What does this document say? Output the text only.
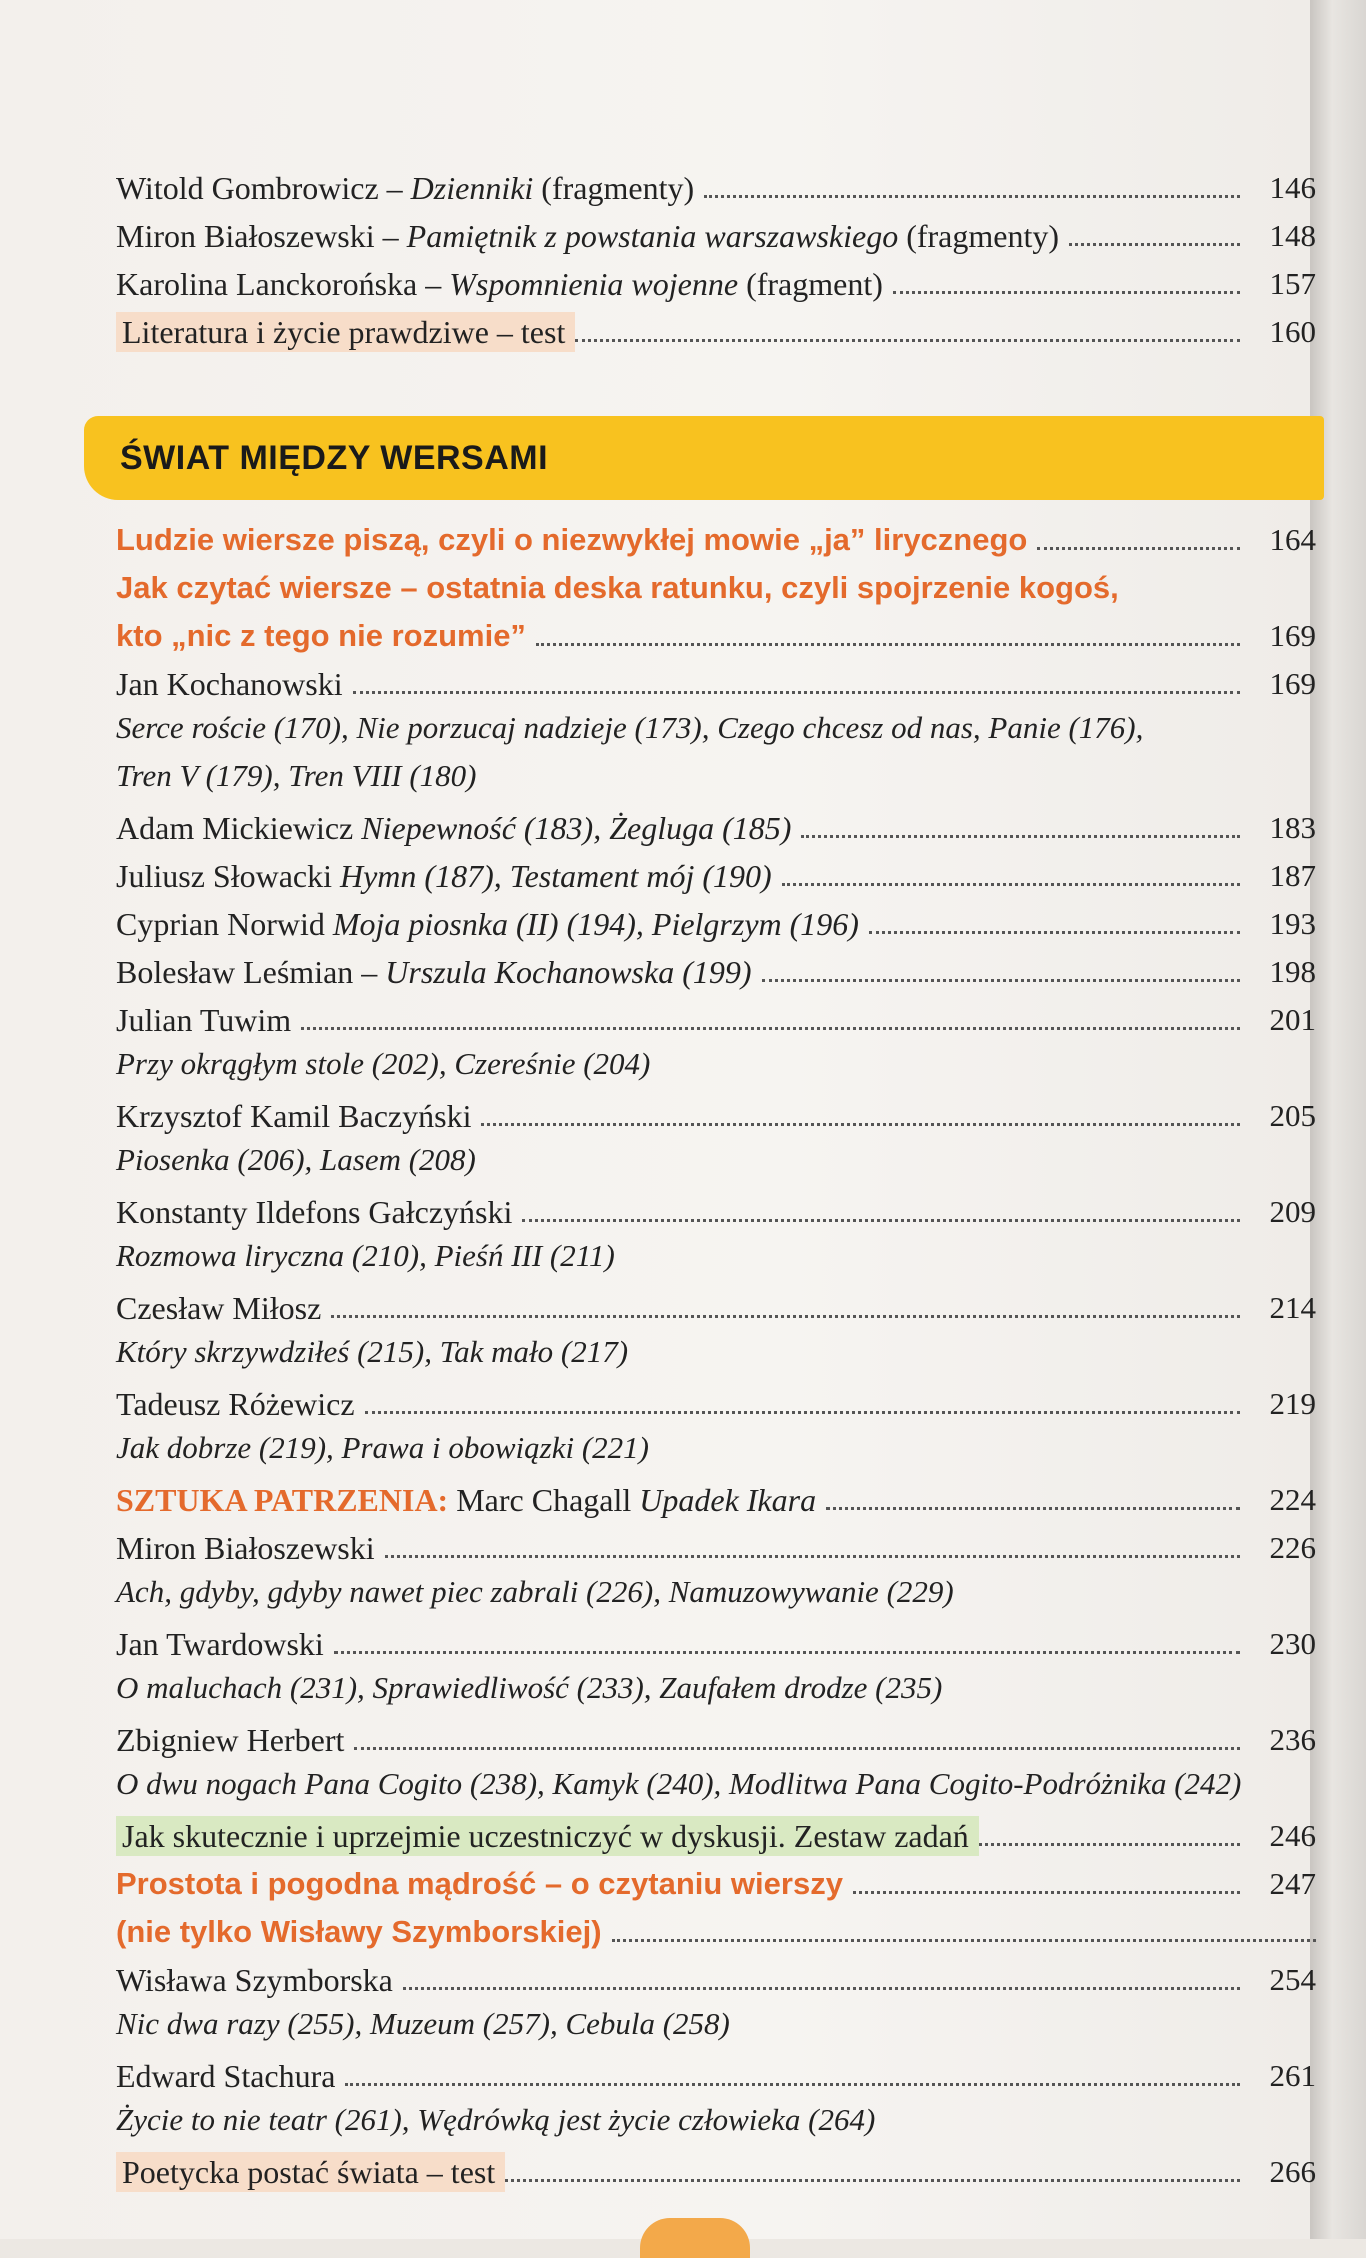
Witold Gombrowicz – Dzienniki (fragmenty)	146
Miron Białoszewski – Pamiętnik z powstania warszawskiego (fragmenty)	148
Karolina Lanckorońska – Wspomnienia wojenne (fragment)	157
Literatura i życie prawdziwe – test	160
ŚWIAT MIĘDZY WERSAMI
Ludzie wiersze piszą, czyli o niezwykłej mowie „ja” lirycznego	164
Jak czytać wiersze – ostatnia deska ratunku, czyli spojrzenie kogoś,
kto „nic z tego nie rozumie”	169
Jan Kochanowski	169
Serce roście (170), Nie porzucaj nadzieje (173), Czego chcesz od nas, Panie (176),
Tren V (179), Tren VIII (180)
Adam Mickiewicz Niepewność (183), Żegluga (185)	183
Juliusz Słowacki Hymn (187), Testament mój (190)	187
Cyprian Norwid Moja piosnka (II) (194), Pielgrzym (196)	193
Bolesław Leśmian – Urszula Kochanowska (199)	198
Julian Tuwim	201
Przy okrągłym stole (202), Czereśnie (204)
Krzysztof Kamil Baczyński	205
Piosenka (206), Lasem (208)
Konstanty Ildefons Gałczyński	209
Rozmowa liryczna (210), Pieśń III (211)
Czesław Miłosz	214
Który skrzywdziłeś (215), Tak mało (217)
Tadeusz Różewicz	219
Jak dobrze (219), Prawa i obowiązki (221)
SZTUKA PATRZENIA: Marc Chagall Upadek Ikara	224
Miron Białoszewski	226
Ach, gdyby, gdyby nawet piec zabrali (226), Namuzowywanie (229)
Jan Twardowski	230
O maluchach (231), Sprawiedliwość (233), Zaufałem drodze (235)
Zbigniew Herbert	236
O dwu nogach Pana Cogito (238), Kamyk (240), Modlitwa Pana Cogito-Podróżnika (242)
Jak skutecznie i uprzejmie uczestniczyć w dyskusji. Zestaw zadań	246
Prostota i pogodna mądrość – o czytaniu wierszy	247
(nie tylko Wisławy Szymborskiej)
Wisława Szymborska	254
Nic dwa razy (255), Muzeum (257), Cebula (258)
Edward Stachura	261
Życie to nie teatr (261), Wędrówką jest życie człowieka (264)
Poetycka postać świata – test	266
